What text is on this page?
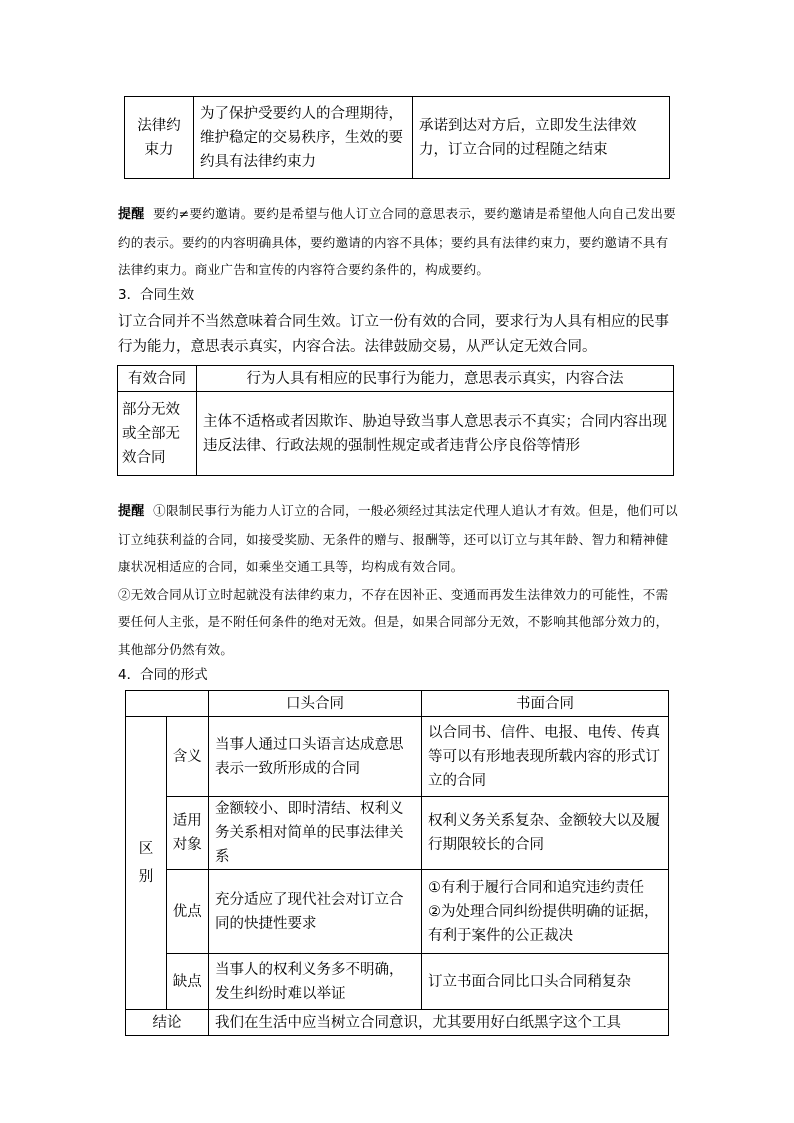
法律约束力	为了保护受要约人的合理期待，维护稳定的交易秩序，生效的要约具有法律约束力	承诺到达对方后，立即发生法律效力，订立合同的过程随之结束
提醒 要约≠要约邀请。要约是希望与他人订立合同的意思表示，要约邀请是希望他人向自己发出要约的表示。要约的内容明确具体，要约邀请的内容不具体；要约具有法律约束力，要约邀请不具有法律约束力。商业广告和宣传的内容符合要约条件的，构成要约。
3．合同生效
订立合同并不当然意味着合同生效。订立一份有效的合同，要求行为人具有相应的民事行为能力，意思表示真实，内容合法。法律鼓励交易，从严认定无效合同。
有效合同	行为人具有相应的民事行为能力，意思表示真实，内容合法
部分无效或全部无效合同	主体不适格或者因欺诈、胁迫导致当事人意思表示不真实；合同内容出现违反法律、行政法规的强制性规定或者违背公序良俗等情形
提醒 ①限制民事行为能力人订立的合同，一般必须经过其法定代理人追认才有效。但是，他们可以订立纯获利益的合同，如接受奖励、无条件的赠与、报酬等，还可以订立与其年龄、智力和精神健康状况相适应的合同，如乘坐交通工具等，均构成有效合同。
②无效合同从订立时起就没有法律约束力，不存在因补正、变通而再发生法律效力的可能性，不需要任何人主张，是不附任何条件的绝对无效。但是，如果合同部分无效，不影响其他部分效力的，其他部分仍然有效。
4．合同的形式
		口头合同	书面合同
区别	含义	当事人通过口头语言达成意思表示一致所形成的合同	以合同书、信件、电报、电传、传真等可以有形地表现所载内容的形式订立的合同
	适用对象	金额较小、即时清结、权利义务关系相对简单的民事法律关系	权利义务关系复杂、金额较大以及履行期限较长的合同
	优点	充分适应了现代社会对订立合同的快捷性要求	①有利于履行合同和追究违约责任
②为处理合同纠纷提供明确的证据，有利于案件的公正裁决
	缺点	当事人的权利义务多不明确，发生纠纷时难以举证	订立书面合同比口头合同稍复杂
结论		我们在生活中应当树立合同意识，尤其要用好白纸黑字这个工具	
